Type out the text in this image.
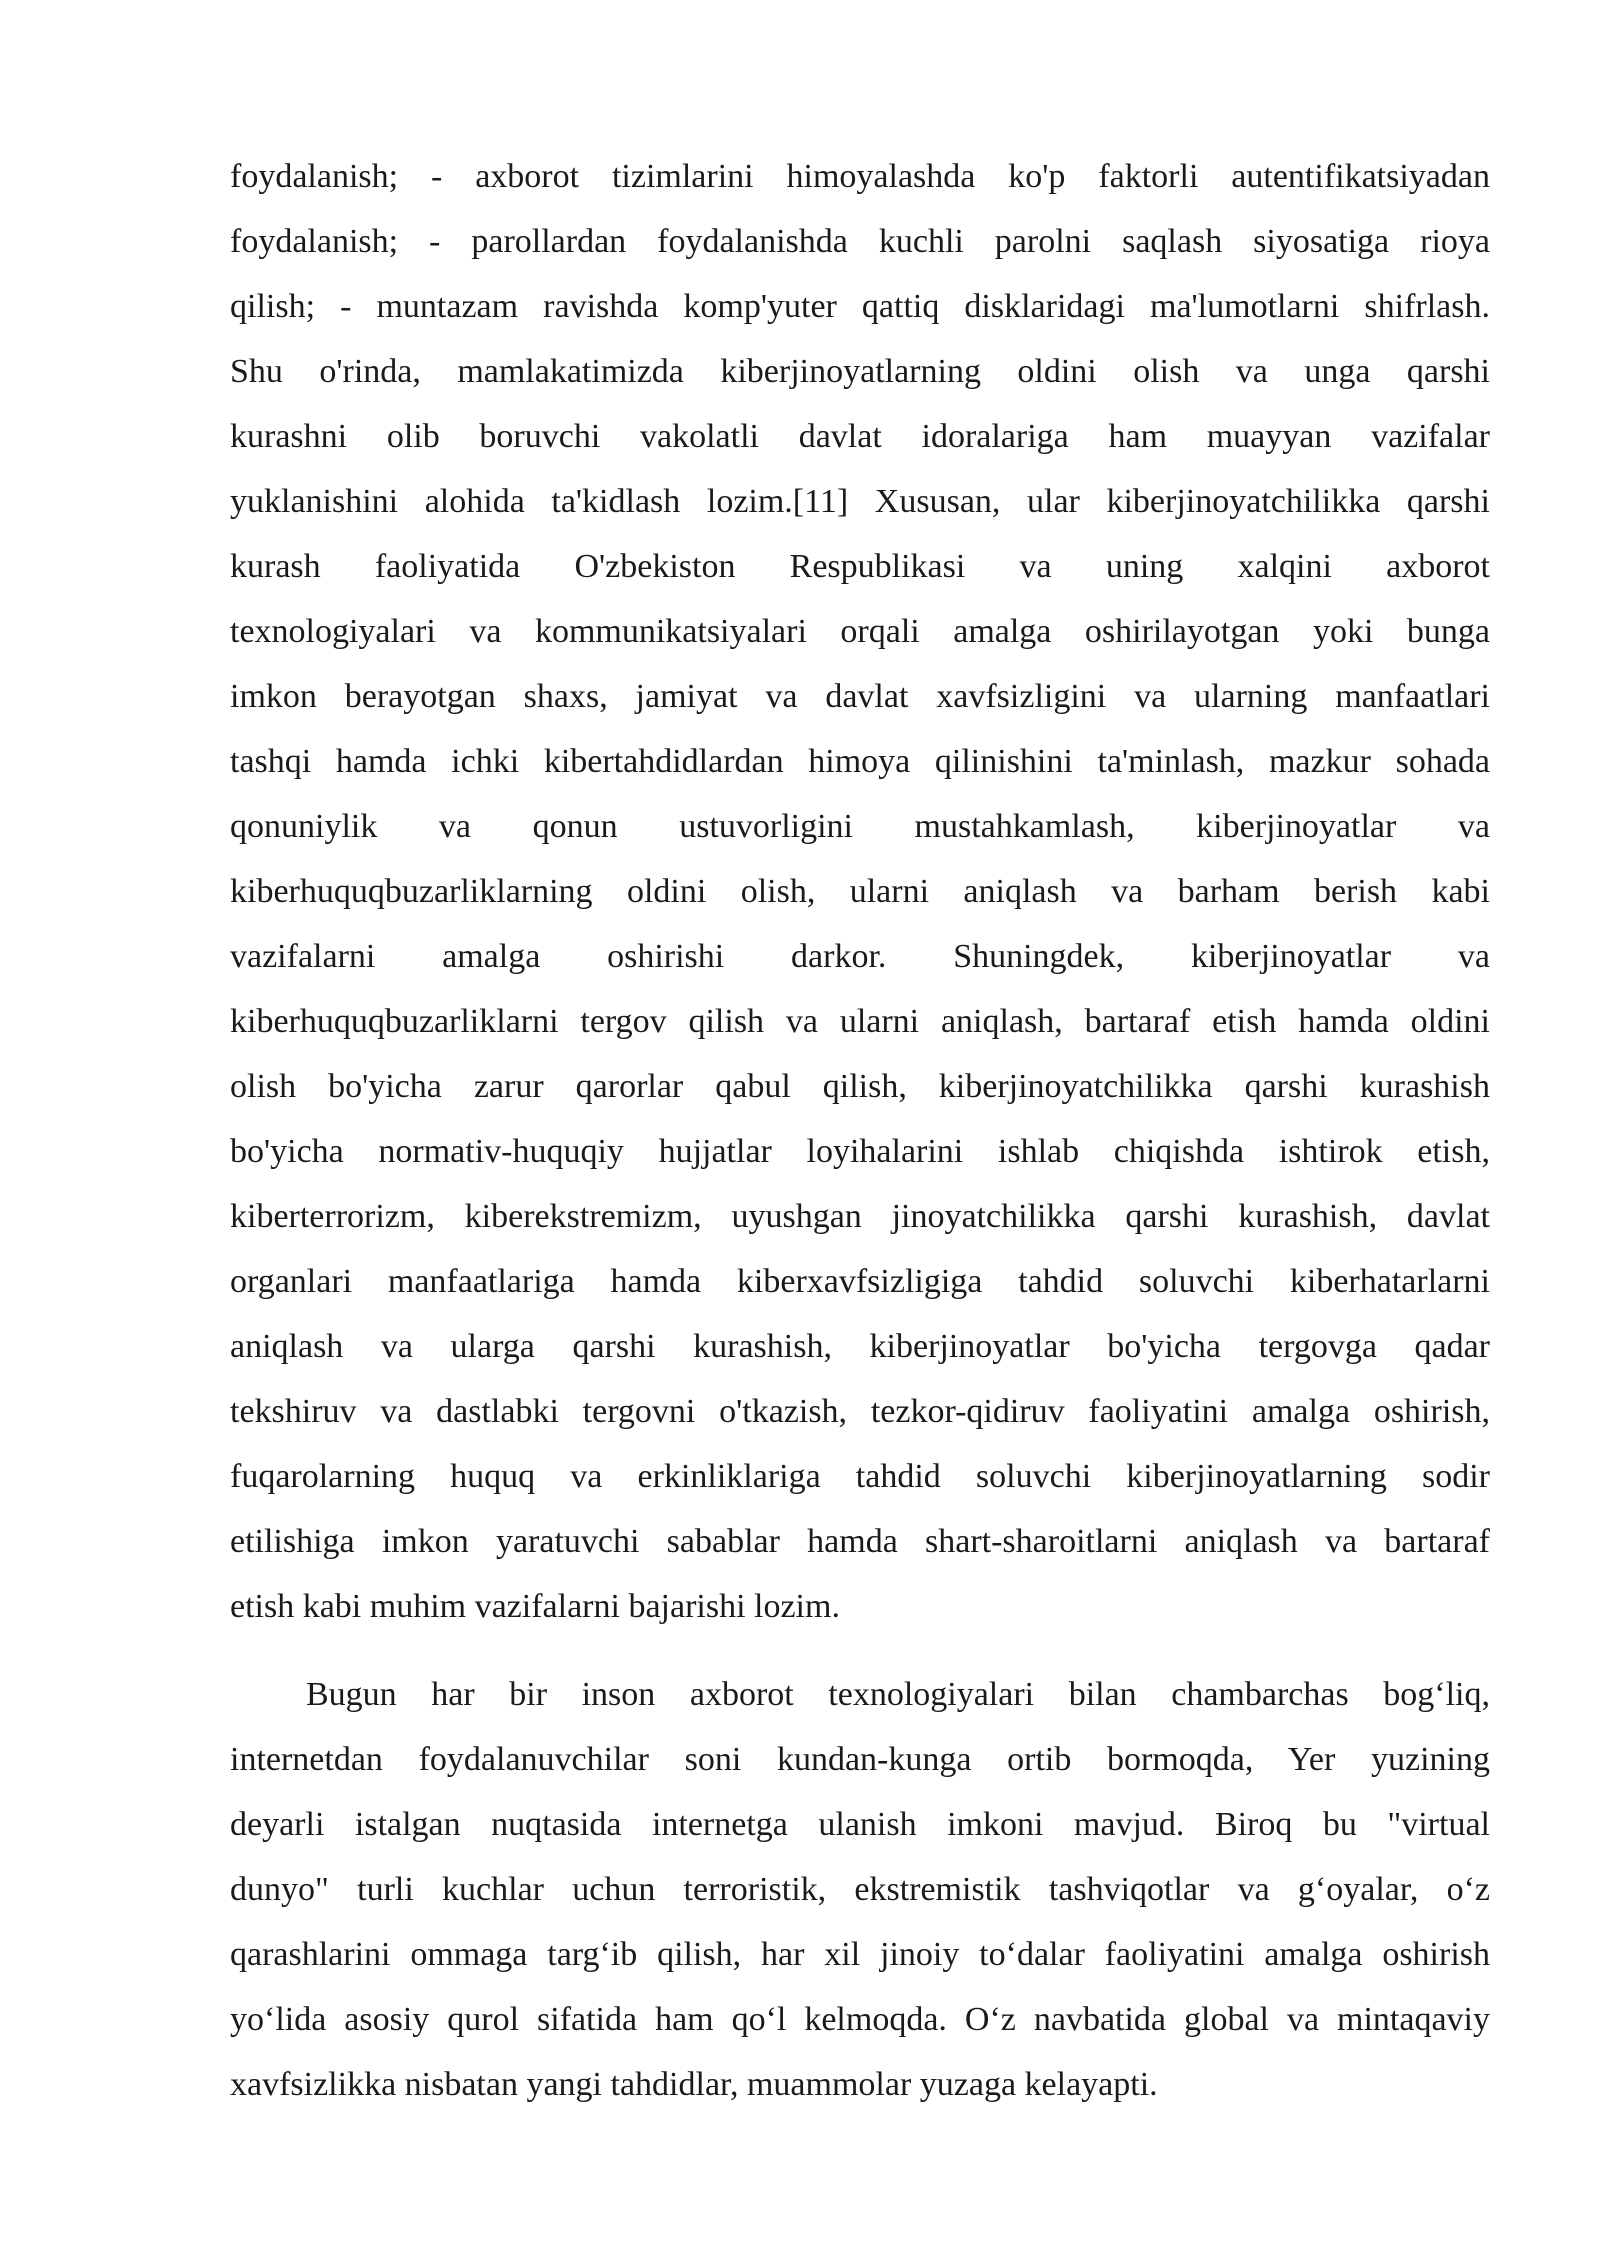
foydalanish; - axborot tizimlarini himoyalashda ko'p faktorli autentifikatsiyadan
foydalanish; - parollardan foydalanishda kuchli parolni saqlash siyosatiga rioya
qilish; - muntazam ravishda komp'yuter qattiq disklaridagi ma'lumotlarni shifrlash.
Shu o'rinda, mamlakatimizda kiberjinoyatlarning oldini olish va unga qarshi
kurashni olib boruvchi vakolatli davlat idoralariga ham muayyan vazifalar
yuklanishini alohida ta'kidlash lozim.[11] Xususan, ular kiberjinoyatchilikka qarshi
kurash faoliyatida O'zbekiston Respublikasi va uning xalqini axborot
texnologiyalari va kommunikatsiyalari orqali amalga oshirilayotgan yoki bunga
imkon berayotgan shaxs, jamiyat va davlat xavfsizligini va ularning manfaatlari
tashqi hamda ichki kibertahdidlardan himoya qilinishini ta'minlash, mazkur sohada
qonuniylik va qonun ustuvorligini mustahkamlash, kiberjinoyatlar va
kiberhuquqbuzarliklarning oldini olish, ularni aniqlash va barham berish kabi
vazifalarni amalga oshirishi darkor. Shuningdek, kiberjinoyatlar va
kiberhuquqbuzarliklarni tergov qilish va ularni aniqlash, bartaraf etish hamda oldini
olish bo'yicha zarur qarorlar qabul qilish, kiberjinoyatchilikka qarshi kurashish
bo'yicha normativ-huquqiy hujjatlar loyihalarini ishlab chiqishda ishtirok etish,
kiberterrorizm, kiberekstremizm, uyushgan jinoyatchilikka qarshi kurashish, davlat
organlari manfaatlariga hamda kiberxavfsizligiga tahdid soluvchi kiberhatarlarni
aniqlash va ularga qarshi kurashish, kiberjinoyatlar bo'yicha tergovga qadar
tekshiruv va dastlabki tergovni o'tkazish, tezkor-qidiruv faoliyatini amalga oshirish,
fuqarolarning huquq va erkinliklariga tahdid soluvchi kiberjinoyatlarning sodir
etilishiga imkon yaratuvchi sabablar hamda shart-sharoitlarni aniqlash va bartaraf
etish kabi muhim vazifalarni bajarishi lozim.
Bugun har bir inson axborot texnologiyalari bilan chambarchas bog‘liq,
internetdan foydalanuvchilar soni kundan-kunga ortib bormoqda, Yer yuzining
deyarli istalgan nuqtasida internetga ulanish imkoni mavjud. Biroq bu "virtual
dunyo" turli kuchlar uchun terroristik, ekstremistik tashviqotlar va g‘oyalar, o‘z
qarashlarini ommaga targ‘ib qilish, har xil jinoiy to‘dalar faoliyatini amalga oshirish
yo‘lida asosiy qurol sifatida ham qo‘l kelmoqda. O‘z navbatida global va mintaqaviy
xavfsizlikka nisbatan yangi tahdidlar, muammolar yuzaga kelayapti.
